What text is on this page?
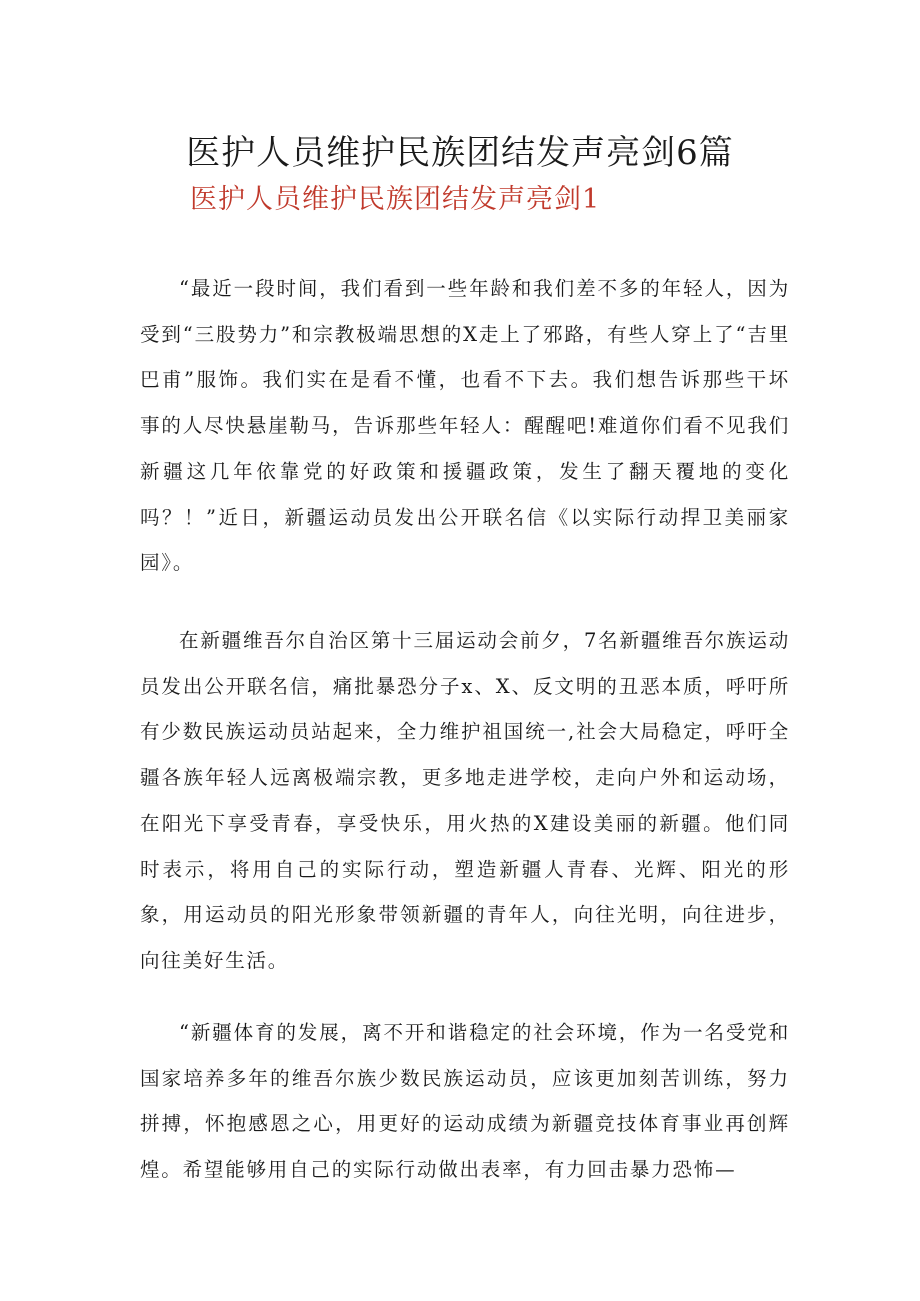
医护人员维护民族团结发声亮剑6篇
医护人员维护民族团结发声亮剑1

“最近一段时间，我们看到一些年龄和我们差不多的年轻人，因为受到“三股势力”和宗教极端思想的X走上了邪路，有些人穿上了“吉里巴甫”服饰。我们实在是看不懂，也看不下去。我们想告诉那些干坏事的人尽快悬崖勒马，告诉那些年轻人：醒醒吧!难道你们看不见我们新疆这几年依靠党的好政策和援疆政策，发生了翻天覆地的变化吗？！”近日，新疆运动员发出公开联名信《以实际行动捍卫美丽家园》。

在新疆维吾尔自治区第十三届运动会前夕，7名新疆维吾尔族运动员发出公开联名信，痛批暴恐分子x、X、反文明的丑恶本质，呼吁所有少数民族运动员站起来，全力维护祖国统一,社会大局稳定，呼吁全疆各族年轻人远离极端宗教，更多地走进学校，走向户外和运动场，在阳光下享受青春，享受快乐，用火热的X建设美丽的新疆。他们同时表示，将用自己的实际行动，塑造新疆人青春、光辉、阳光的形象，用运动员的阳光形象带领新疆的青年人，向往光明，向往进步，向往美好生活。

“新疆体育的发展，离不开和谐稳定的社会环境，作为一名受党和国家培养多年的维吾尔族少数民族运动员，应该更加刻苦训练，努力拼搏，怀抱感恩之心，用更好的运动成绩为新疆竞技体育事业再创辉煌。希望能够用自己的实际行动做出表率，有力回击暴力恐怖—
